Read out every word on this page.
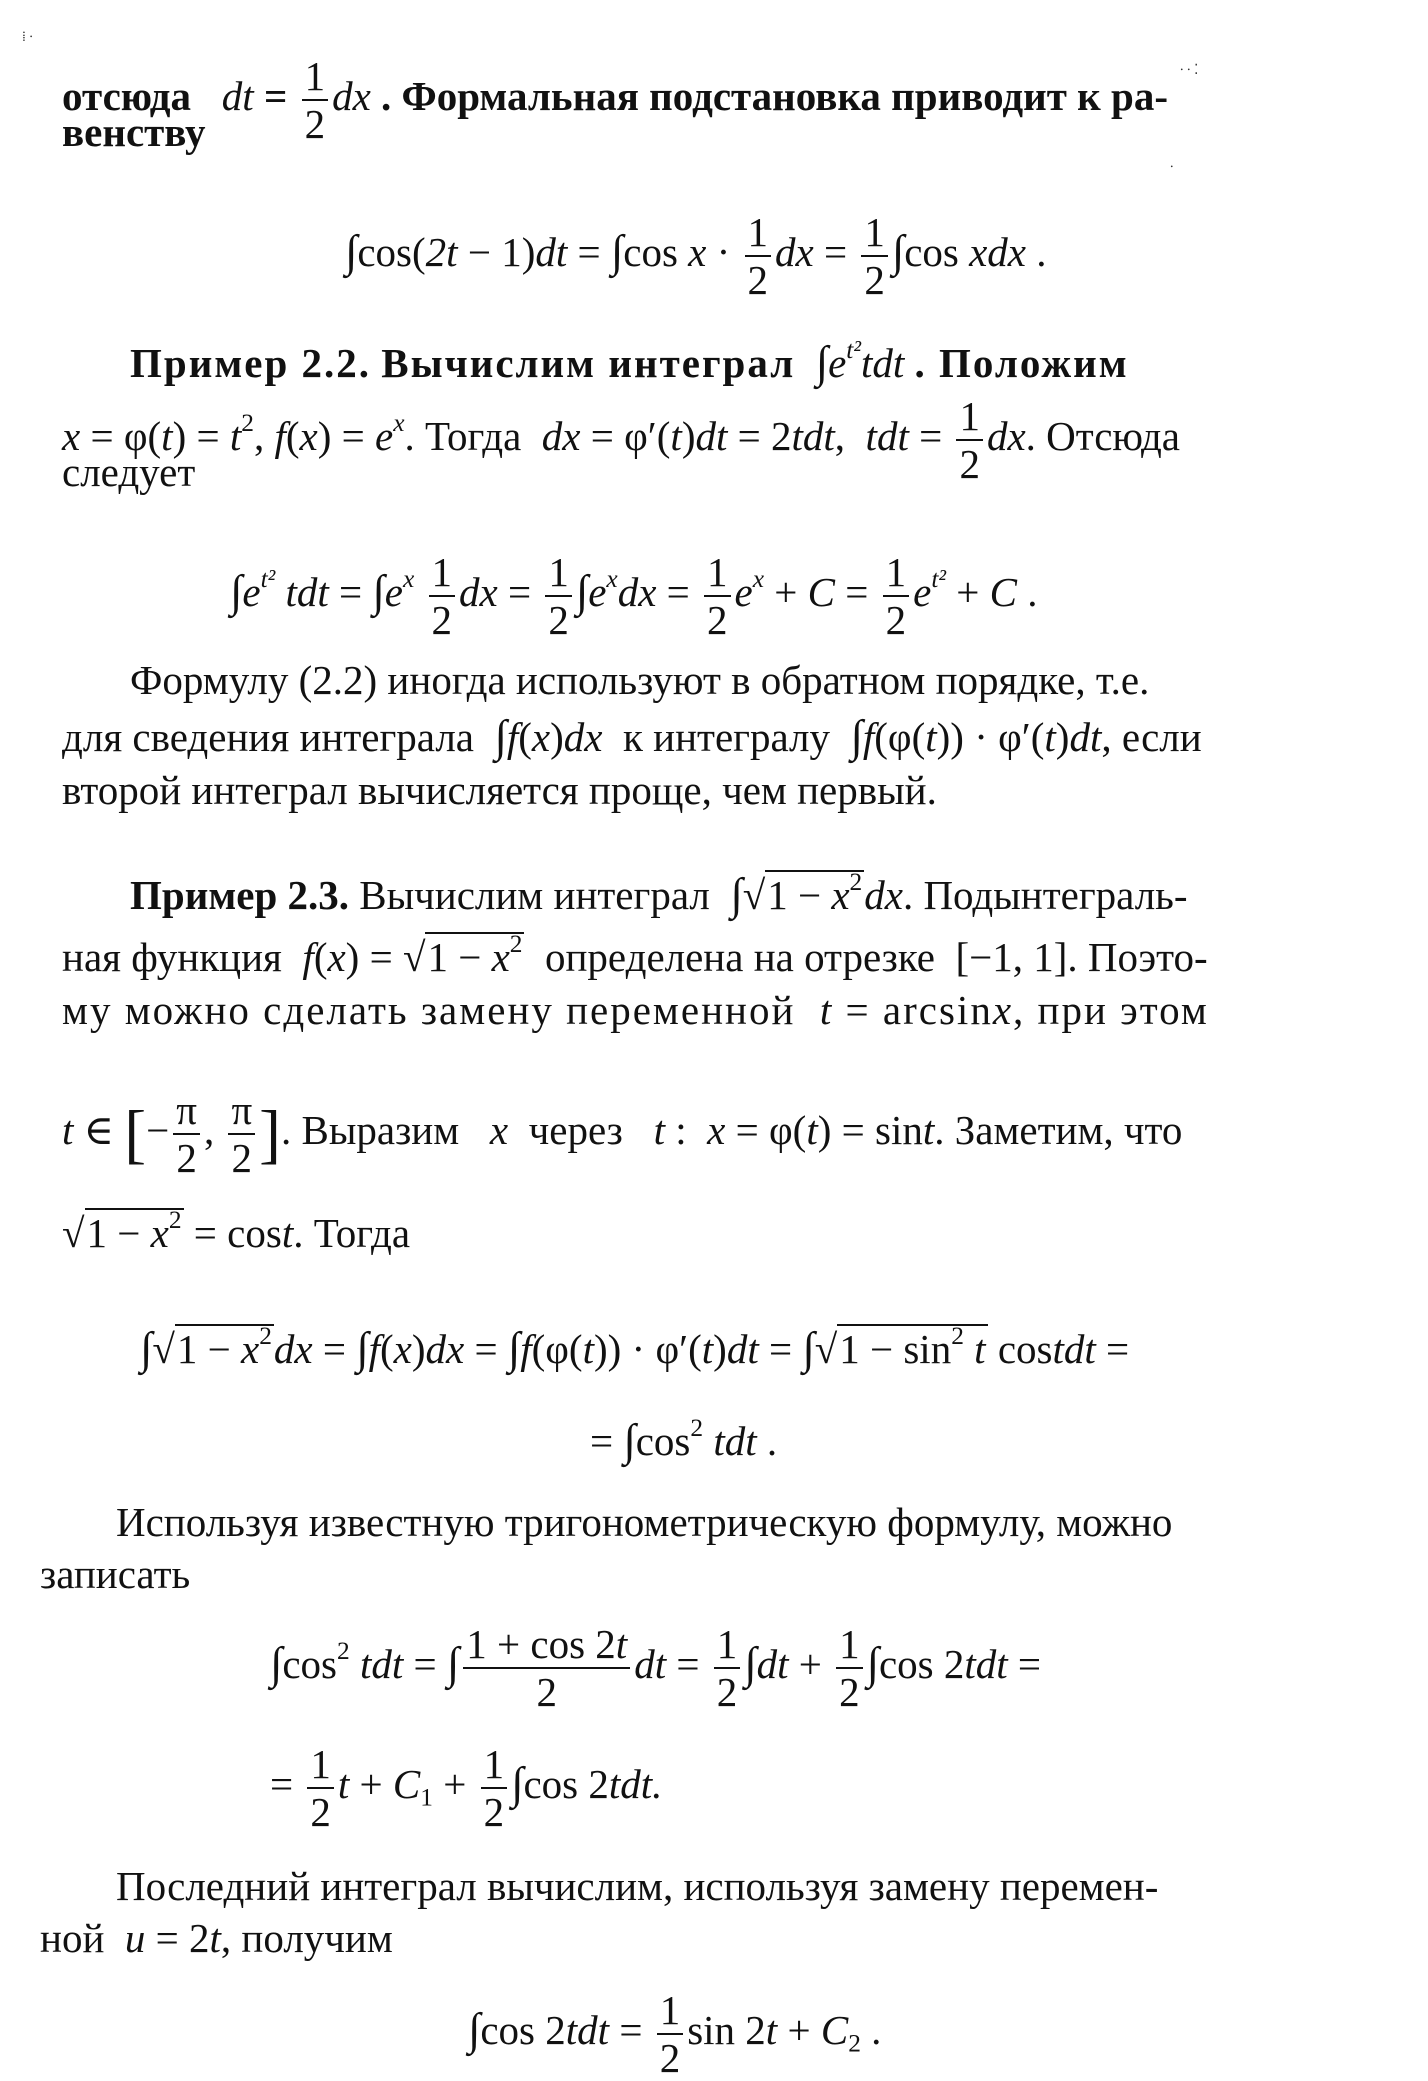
⁞ ∙
∙ ∙ ⁚
∙
отсюда   dt = $\frac{1}{2}$ dx . Формальная подстановка приводит к ра-
венству
∫cos(2t − 1)dt = ∫cos $x \cdot \frac{1}{2}$ dx = $\frac{1}{2} \int\cos$ xdx .
Пример 2.2. Вычислим интеграл $\int e^{t^2}tdt$ . Положим
$x = \varphi(t) = t^2$, $f(x) = e^x$. Тогда dx = φ′(t)dt = 2tdt,  tdt = $\frac{1}{2}$ dx. Отсюда
следует
$\int e^{t^2}$ tdt = $\int e^x \frac{1}{2}$ dx = $\frac{1}{2} \int e^xdx = \frac{1}{2} e^x + C = \frac{1}{2} e^{t^2} + C$ .
Формулу (2.2) иногда используют в обратном порядке, т.е.
для сведения интеграла ∫f(x)dx к интегралу ∫f(φ(t)) · φ′(t)dt, если
второй интеграл вычисляется проще, чем первый.
Пример 2.3. Вычислим интеграл $\int√1 - x^2dx$. Подынтеграль-
ная функция $f(x) = √1 - x^2$ определена на отрезке  [−1, 1]. Поэто-
му можно сделать замену переменной t = arcsinx, при этом
t ∈ [− $\frac{\pi}{2}$ , $\frac{\pi}{2}$ ]. Выразим x через t :  x = φ(t) = sint. Заметим, что
$√1 - x^2 = \cos t$. Тогда
$\int√1 - x^2dx = \int f(x)dx = \int f(\varphi(t)) \cdot \varphi'(t)dt = \int√1 - \sin^2 t$ costdt =
= $\int\cos^2$ tdt .
Используя известную тригонометрическую формулу, можно
записать
$\int\cos^2$ tdt = ∫ $\frac{1 + \cos 2t}{2}$ dt = $\frac{1}{2} \int dt + \frac{1}{2} \int\cos$ 2tdt =
= $\frac{1}{2}$ $t + C_1 + \frac{1}{2} \int\cos$ 2tdt.
Последний интеграл вычислим, используя замену перемен-
ной u = 2t, получим
∫cos $2tdt = \frac{1}{2}$ $\sin 2t + C_2$ .
